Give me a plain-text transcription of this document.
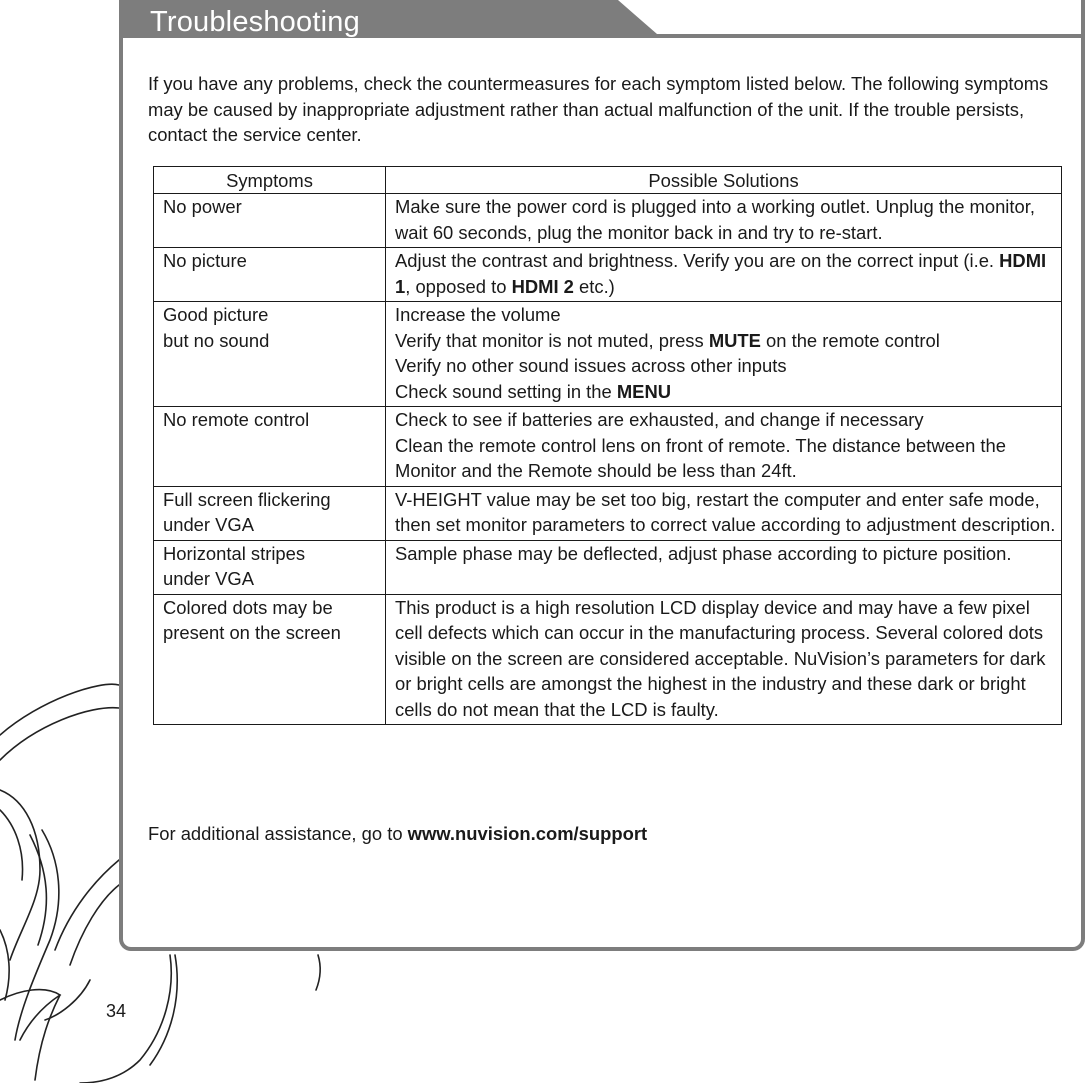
Troubleshooting

If you have any problems, check the countermeasures for each symptom listed below. The following symptoms may be caused by inappropriate adjustment rather than actual malfunction of the unit. If the trouble persists, contact the service center.

Symptoms	Possible Solutions

No power	Make sure the power cord is plugged into a working outlet. Unplug the monitor, wait 60 seconds, plug the monitor back in and try to re-start.

No picture	Adjust the contrast and brightness. Verify you are on the correct input (i.e. HDMI 1, opposed to HDMI 2 etc.)

Good picture
but no sound	Increase the volume
Verify that monitor is not muted, press MUTE on the remote control
Verify no other sound issues across other inputs
Check sound setting in the MENU

No remote control	Check to see if batteries are exhausted, and change if necessary
Clean the remote control lens on front of remote. The distance between the Monitor and the Remote should be less than 24ft.

Full screen flickering
under VGA	V-HEIGHT value may be set too big, restart the computer and enter safe mode, then set monitor parameters to correct value according to adjustment description.

Horizontal stripes
under VGA	Sample phase may be deflected, adjust phase according to picture position.

Colored dots may be
present on the screen	This product is a high resolution LCD display device and may have a few pixel cell defects which can occur in the manufacturing process. Several colored dots visible on the screen are considered acceptable. NuVision’s parameters for dark or bright cells are amongst the highest in the industry and these dark or bright cells do not mean that the LCD is faulty.

For additional assistance, go to www.nuvision.com/support

34
